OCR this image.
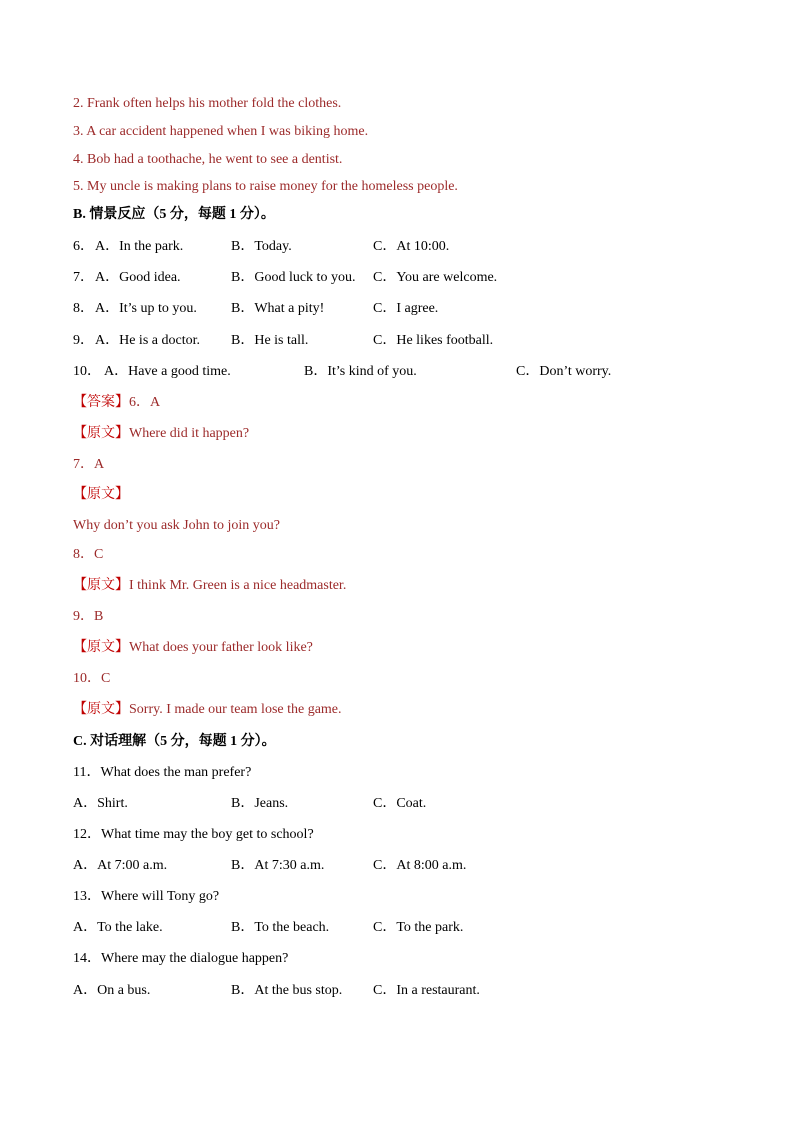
2. Frank often helps his mother fold the clothes.
3. A car accident happened when I was biking home.
4. Bob had a toothache, he went to see a dentist.
5. My uncle is making plans to raise money for the homeless people.
B. 情景反应（5 分，每题 1 分）。
6． A．In the park.	B．Today.	C．At 10:00.
7． A．Good idea.	B．Good luck to you. C．You are welcome.
8． A．It’s up to you. B．What a pity!	C．I agree.
9． A．He is a doctor. B．He is tall.	C．He likes football.
10． A．Have a good time.	B．It’s kind of you.	C．Don’t worry.
【答案】6．A
【原文】Where did it happen?
7．A
【原文】
Why don’t you ask John to join you?
8．C
【原文】I think Mr. Green is a nice headmaster.
9．B
【原文】What does your father look like?
10．C
【原文】Sorry. I made our team lose the game.
C. 对话理解（5 分，每题 1 分）。
11．What does the man prefer?
A．Shirt.	B．Jeans.	C．Coat.
12．What time may the boy get to school?
A．At 7:00 a.m.	B．At 7:30 a.m.	C．At 8:00 a.m.
13．Where will Tony go?
A．To the lake.	B．To the beach.	C．To the park.
14．Where may the dialogue happen?
A．On a bus.	B．At the bus stop. C．In a restaurant.
